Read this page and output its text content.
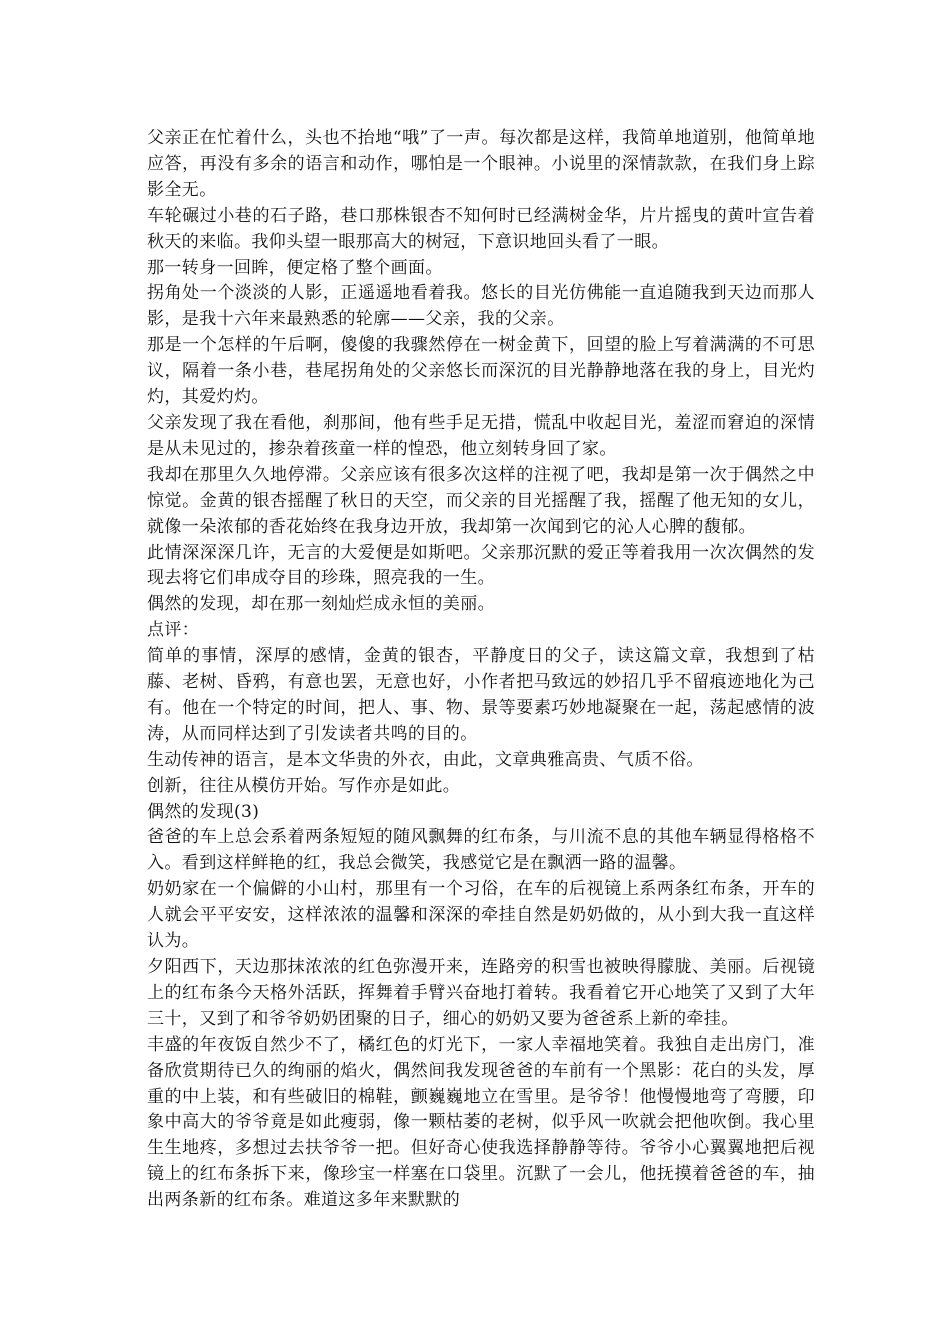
父亲正在忙着什么，头也不抬地“哦”了一声。每次都是这样，我简单地道别，他简单地应答，再没有多余的语言和动作，哪怕是一个眼神。小说里的深情款款，在我们身上踪影全无。

车轮碾过小巷的石子路，巷口那株银杏不知何时已经满树金华，片片摇曳的黄叶宣告着秋天的来临。我仰头望一眼那高大的树冠，下意识地回头看了一眼。

那一转身一回眸，便定格了整个画面。

拐角处一个淡淡的人影，正遥遥地看着我。悠长的目光仿佛能一直追随我到天边而那人影，是我十六年来最熟悉的轮廓——父亲，我的父亲。

那是一个怎样的午后啊，傻傻的我骤然停在一树金黄下，回望的脸上写着满满的不可思议，隔着一条小巷，巷尾拐角处的父亲悠长而深沉的目光静静地落在我的身上，目光灼灼，其爱灼灼。

父亲发现了我在看他，刹那间，他有些手足无措，慌乱中收起目光，羞涩而窘迫的深情是从未见过的，掺杂着孩童一样的惶恐，他立刻转身回了家。

我却在那里久久地停滞。父亲应该有很多次这样的注视了吧，我却是第一次于偶然之中惊觉。金黄的银杏摇醒了秋日的天空，而父亲的目光摇醒了我，摇醒了他无知的女儿，就像一朵浓郁的香花始终在我身边开放，我却第一次闻到它的沁人心脾的馥郁。

此情深深深几许，无言的大爱便是如斯吧。父亲那沉默的爱正等着我用一次次偶然的发现去将它们串成夺目的珍珠，照亮我的一生。

偶然的发现，却在那一刻灿烂成永恒的美丽。

点评：

简单的事情，深厚的感情，金黄的银杏，平静度日的父子，读这篇文章，我想到了枯藤、老树、昏鸦，有意也罢，无意也好，小作者把马致远的妙招几乎不留痕迹地化为己有。他在一个特定的时间，把人、事、物、景等要素巧妙地凝聚在一起，荡起感情的波涛，从而同样达到了引发读者共鸣的目的。

生动传神的语言，是本文华贵的外衣，由此，文章典雅高贵、气质不俗。

创新，往往从模仿开始。写作亦是如此。

偶然的发现(3)

爸爸的车上总会系着两条短短的随风飘舞的红布条，与川流不息的其他车辆显得格格不入。看到这样鲜艳的红，我总会微笑，我感觉它是在飘洒一路的温馨。

奶奶家在一个偏僻的小山村，那里有一个习俗，在车的后视镜上系两条红布条，开车的人就会平平安安，这样浓浓的温馨和深深的牵挂自然是奶奶做的，从小到大我一直这样认为。

夕阳西下，天边那抹浓浓的红色弥漫开来，连路旁的积雪也被映得朦胧、美丽。后视镜上的红布条今天格外活跃，挥舞着手臂兴奋地打着转。我看着它开心地笑了又到了大年三十，又到了和爷爷奶奶团聚的日子，细心的奶奶又要为爸爸系上新的牵挂。

丰盛的年夜饭自然少不了，橘红色的灯光下，一家人幸福地笑着。我独自走出房门，准备欣赏期待已久的绚丽的焰火，偶然间我发现爸爸的车前有一个黑影：花白的头发，厚重的中上装，和有些破旧的棉鞋，颤巍巍地立在雪里。是爷爷！他慢慢地弯了弯腰，印象中高大的爷爷竟是如此瘦弱，像一颗枯萎的老树，似乎风一吹就会把他吹倒。我心里生生地疼，多想过去扶爷爷一把。但好奇心使我选择静静等待。爷爷小心翼翼地把后视镜上的红布条拆下来，像珍宝一样塞在口袋里。沉默了一会儿，他抚摸着爸爸的车，抽出两条新的红布条。难道这多年来默默的
